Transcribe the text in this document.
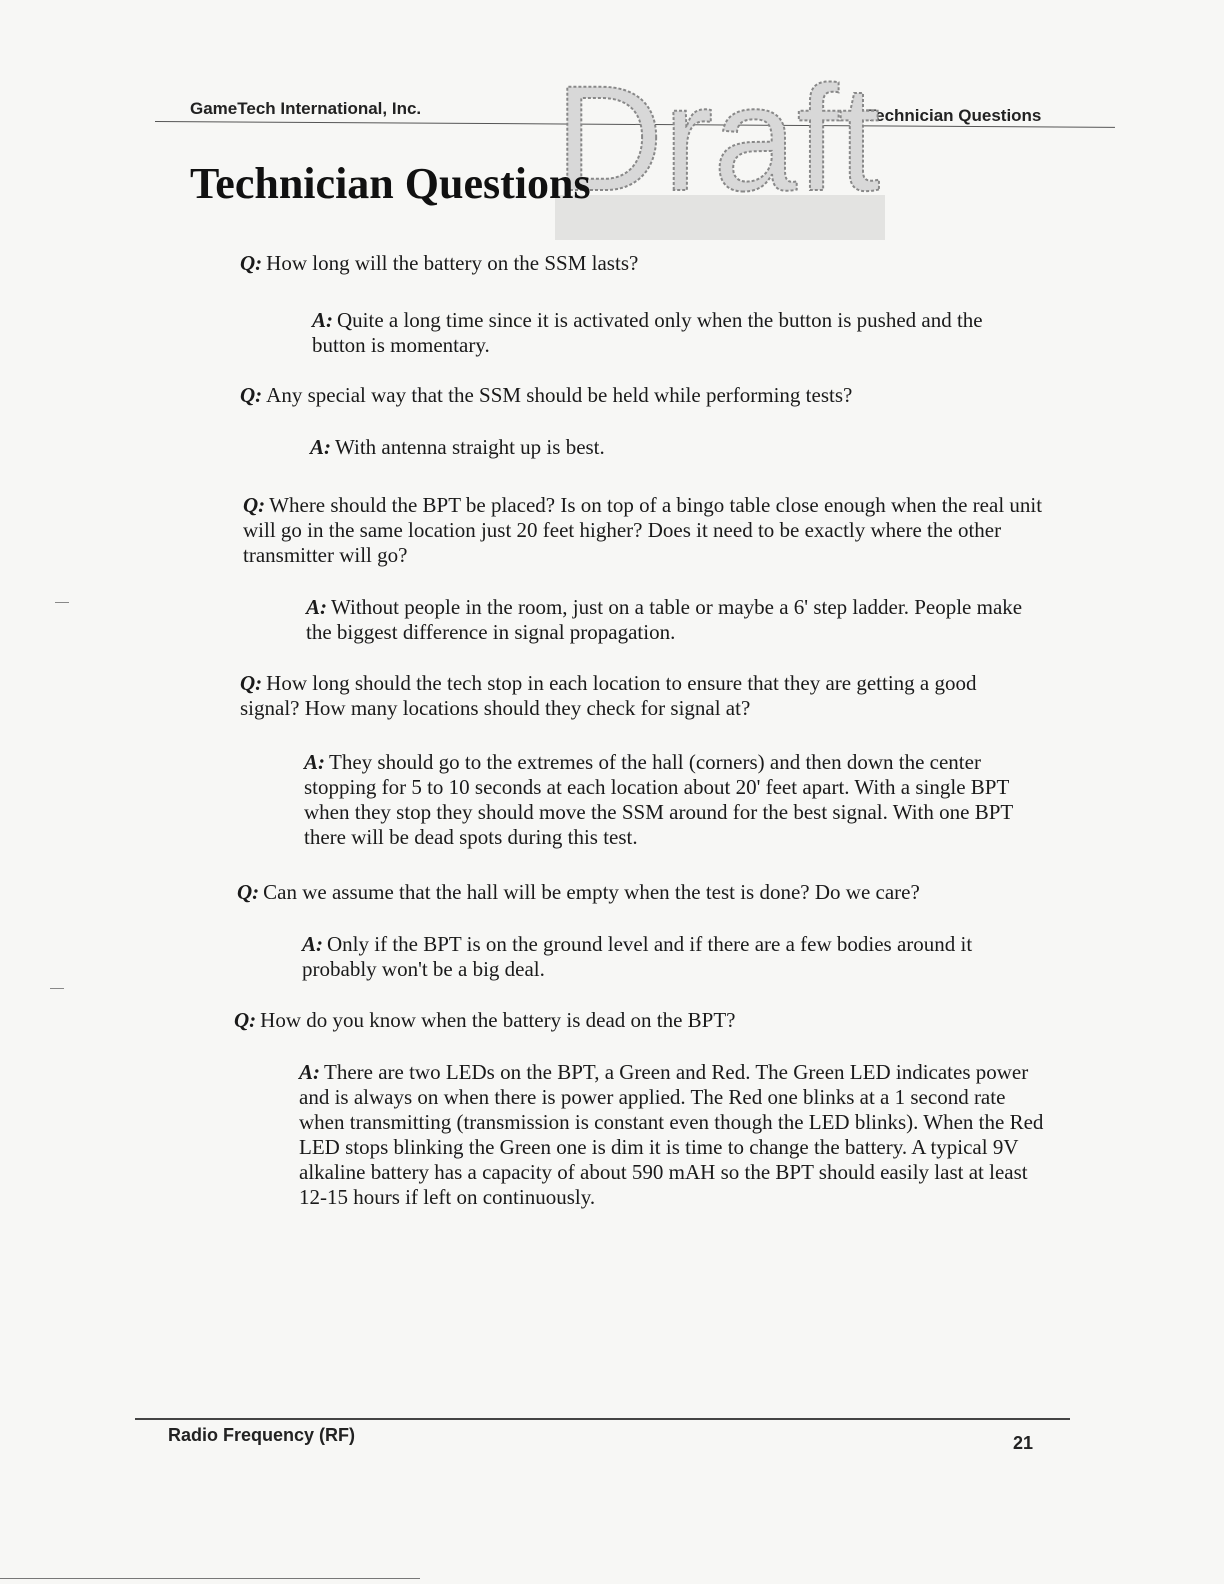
GameTech International, Inc.	Technician Questions
Draft
Technician Questions
Q: How long will the battery on the SSM lasts?
A: Quite a long time since it is activated only when the button is pushed and the button is momentary.
Q: Any special way that the SSM should be held while performing tests?
A: With antenna straight up is best.
Q: Where should the BPT be placed? Is on top of a bingo table close enough when the real unit will go in the same location just 20 feet higher? Does it need to be exactly where the other transmitter will go?
A: Without people in the room, just on a table or maybe a 6' step ladder. People make the biggest difference in signal propagation.
Q: How long should the tech stop in each location to ensure that they are getting a good signal? How many locations should they check for signal at?
A: They should go to the extremes of the hall (corners) and then down the center stopping for 5 to 10 seconds at each location about 20' feet apart. With a single BPT when they stop they should move the SSM around for the best signal. With one BPT there will be dead spots during this test.
Q: Can we assume that the hall will be empty when the test is done? Do we care?
A: Only if the BPT is on the ground level and if there are a few bodies around it probably won't be a big deal.
Q: How do you know when the battery is dead on the BPT?
A: There are two LEDs on the BPT, a Green and Red. The Green LED indicates power and is always on when there is power applied. The Red one blinks at a 1 second rate when transmitting (transmission is constant even though the LED blinks). When the Red LED stops blinking the Green one is dim it is time to change the battery. A typical 9V alkaline battery has a capacity of about 590 mAH so the BPT should easily last at least 12-15 hours if left on continuously.
Radio Frequency (RF)	21
